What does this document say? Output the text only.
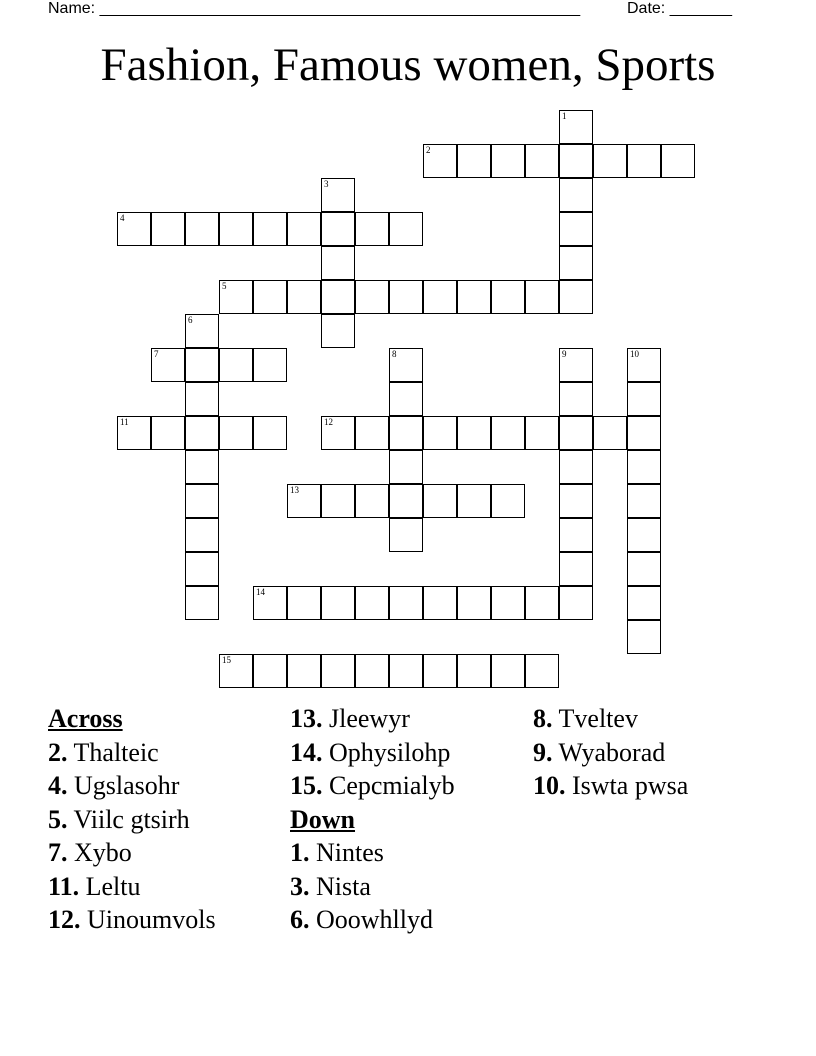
Name: ______________________________________________________	Date: _______
Fashion, Famous women, Sports
2
4
5
7
11	12
13
14
15
1
3
6
8	9	10
Across
2. Thalteic
4. Ugslasohr
5. Viilc gtsirh
7. Xybo
11. Leltu
12. Uinoumvols
13. Jleewyr
14. Ophysilohp
15. Cepcmialyb
Down
1. Nintes
3. Nista
6. Ooowhllyd
8. Tveltev
9. Wyaborad
10. Iswta pwsa
